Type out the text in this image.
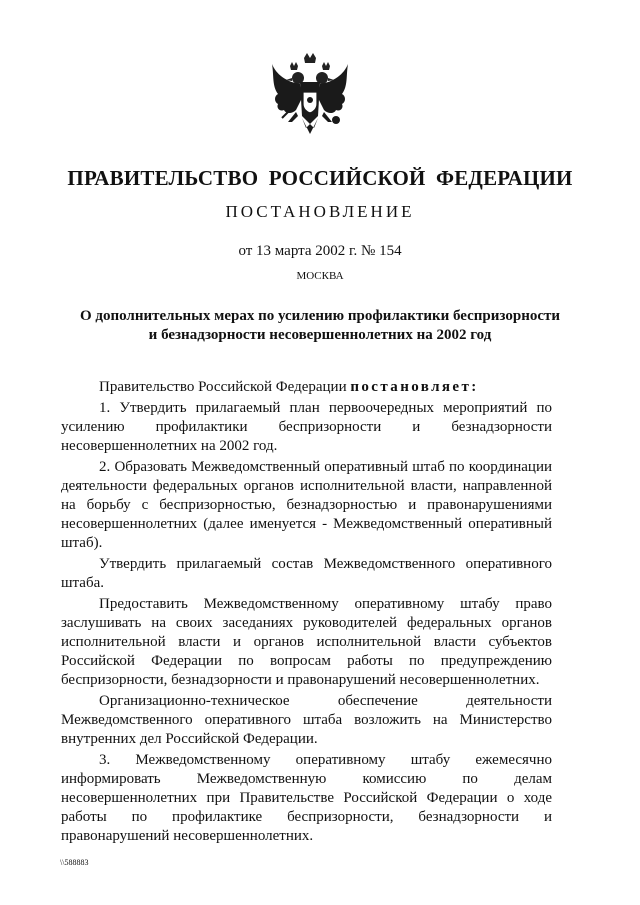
ПРАВИТЕЛЬСТВО РОССИЙСКОЙ ФЕДЕРАЦИИ
ПОСТАНОВЛЕНИЕ
от 13 марта 2002 г. № 154
МОСКВА
О дополнительных мерах по усилению профилактики беспризорности
и безнадзорности несовершеннолетних на 2002 год

Правительство Российской Федерации постановляет:

1. Утвердить прилагаемый план первоочередных мероприятий по усилению профилактики беспризорности и безнадзорности несовершеннолетних на 2002 год.

2. Образовать Межведомственный оперативный штаб по координации деятельности федеральных органов исполнительной власти, направленной на борьбу с беспризорностью, безнадзорностью и правонарушениями несовершеннолетних (далее именуется - Межведомственный оперативный штаб).

Утвердить прилагаемый состав Межведомственного оперативного штаба.

Предоставить Межведомственному оперативному штабу право заслушивать на своих заседаниях руководителей федеральных органов исполнительной власти и органов исполнительной власти субъектов Российской Федерации по вопросам работы по предупреждению беспризорности, безнадзорности и правонарушений несовершеннолетних.

Организационно-техническое обеспечение деятельности Межведомственного оперативного штаба возложить на Министерство внутренних дел Российской Федерации.

3. Межведомственному оперативному штабу ежемесячно информировать Межведомственную комиссию по делам несовершеннолетних при Правительстве Российской Федерации о ходе работы по профилактике беспризорности, безнадзорности и правонарушений несовершеннолетних.

\\588883
